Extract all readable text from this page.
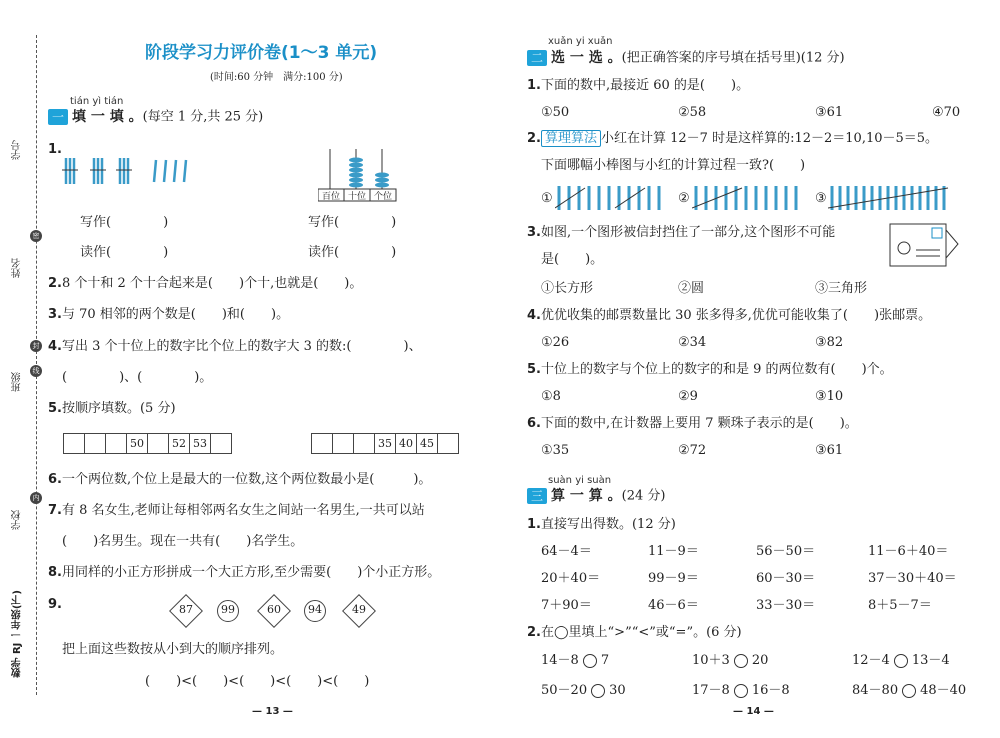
学号
姓名
班级
学校
数学 RJ 一年级(下)
密
封
线
内
阶段学习力评价卷(1～3 单元)
(时间:60 分钟　满分:100 分)
tián yì tián
一 填 一 填 。(每空 1 分,共 25 分)
1.
百位 十位 个位
写作(　　　　)	写作(　　　　)
读作(　　　　)	读作(　　　　)
2.8 个十和 2 个十合起来是(　　)个十,也就是(　　)。
3.与 70 相邻的两个数是(　　)和(　　)。
4.写出 3 个十位上的数字比个位上的数字大 3 的数:(　　　　)、
(　　　　)、(　　　　)。
5.按顺序填数。(5 分)
50	52 53	35 40 45
6.一个两位数,个位上是最大的一位数,这个两位数最小是(　　　)。
7.有 8 名女生,老师让每相邻两名女生之间站一名男生,一共可以站
(　　)名男生。现在一共有(　　)名学生。
8.用同样的小正方形拼成一个大正方形,至少需要(　　)个小正方形。
9.	87	99	60	94	49
把上面这些数按从小到大的顺序排列。
(　　)<(　　)<(　　)<(　　)<(　　)
— 13 —
xuǎn yi xuǎn
二 选 一 选 。(把正确答案的序号填在括号里)(12 分)
1.下面的数中,最接近 60 的是(　　)。
①50	②58	③61	④70
2. 算理算法 小红在计算 12－7 时是这样算的:12－2＝10,10－5＝5。
下面哪幅小棒图与小红的计算过程一致?(　　)
①	②	③
3.如图,一个图形被信封挡住了一部分,这个图形不可能
是(　　)。
①长方形	②圆	③三角形
4.优优收集的邮票数量比 30 张多得多,优优可能收集了(　　)张邮票。
①26	②34	③82
5.十位上的数字与个位上的数字的和是 9 的两位数有(　　)个。
①8	②9	③10
6.下面的数中,在计数器上要用 7 颗珠子表示的是(　　)。
①35	②72	③61
suàn yi suàn
三 算 一 算 。(24 分)
1.直接写出得数。(12 分)
64－4＝	11－9＝	56－50＝	11－6＋40＝
20＋40＝	99－9＝	60－30＝	37－30＋40＝
7＋90＝	46－6＝	33－30＝	8＋5－7＝
2.在◯里填上“>”“<”或“=”。(6 分)
14－8 7	10＋3 20	12－4 13－4
50－20 30	17－8 16－8	84－80 48－40
— 14 —
